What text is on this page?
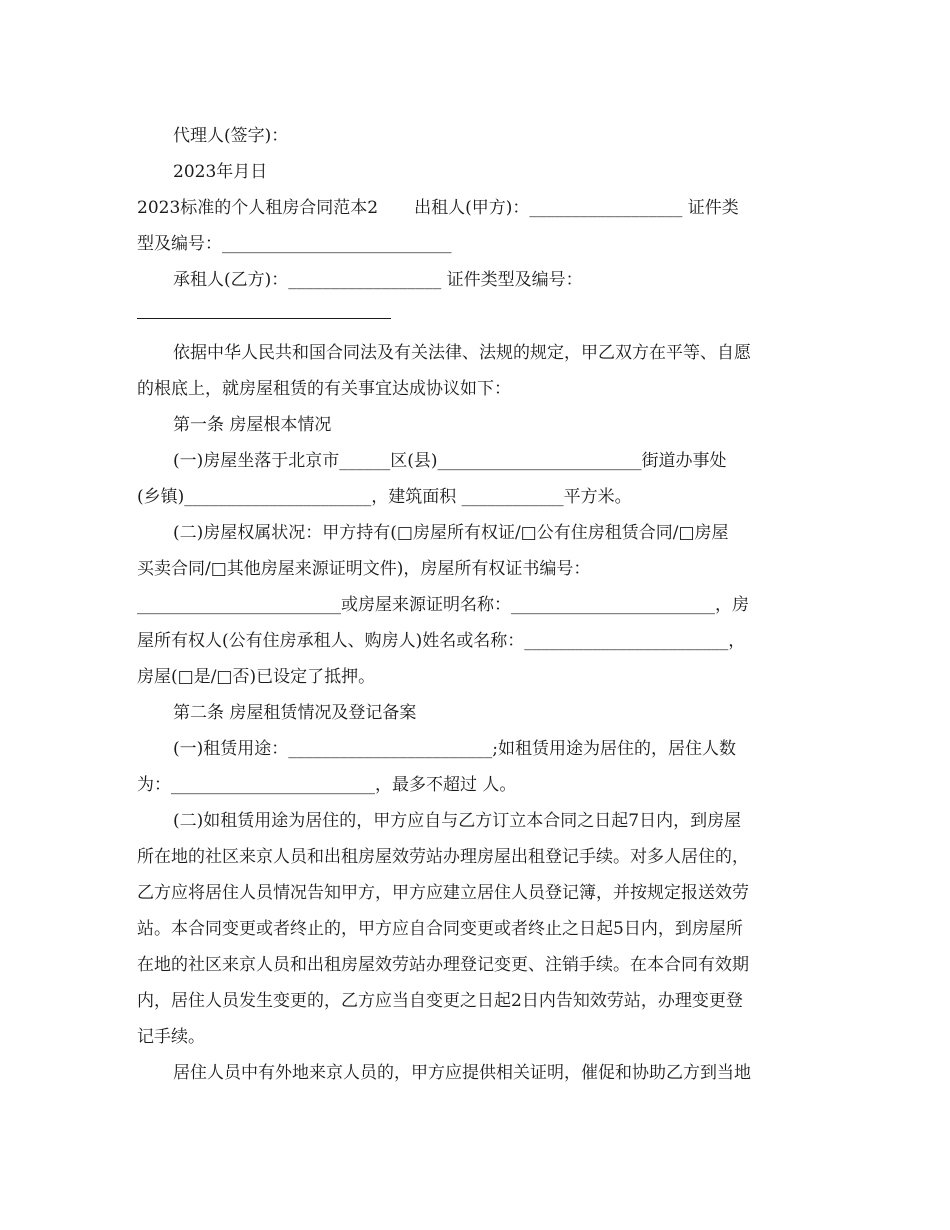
代理人(签字)：
2023年月日
2023标准的个人租房合同范本2 出租人(甲方)：__________________ 证件类
型及编号：___________________________
承租人(乙方)：__________________ 证件类型及编号：
依据中华人民共和国合同法及有关法律、法规的规定，甲乙双方在平等、自愿
的根底上，就房屋租赁的有关事宜达成协议如下：
第一条 房屋根本情况
(一)房屋坐落于北京市______区(县)________________________街道办事处
(乡镇)______________________，建筑面积 ____________平方米。
(二)房屋权属状况：甲方持有(□房屋所有权证/□公有住房租赁合同/□房屋
买卖合同/□其他房屋来源证明文件)，房屋所有权证书编号：
________________________或房屋来源证明名称：________________________，房
屋所有权人(公有住房承租人、购房人)姓名或名称：________________________，
房屋(□是/□否)已设定了抵押。
第二条 房屋租赁情况及登记备案
(一)租赁用途：________________________;如租赁用途为居住的，居住人数
为：________________________，最多不超过 人。
(二)如租赁用途为居住的，甲方应自与乙方订立本合同之日起7日内，到房屋
所在地的社区来京人员和出租房屋效劳站办理房屋出租登记手续。对多人居住的，
乙方应将居住人员情况告知甲方，甲方应建立居住人员登记簿，并按规定报送效劳
站。本合同变更或者终止的，甲方应自合同变更或者终止之日起5日内，到房屋所
在地的社区来京人员和出租房屋效劳站办理登记变更、注销手续。在本合同有效期
内，居住人员发生变更的，乙方应当自变更之日起2日内告知效劳站，办理变更登
记手续。
居住人员中有外地来京人员的，甲方应提供相关证明，催促和协助乙方到当地
